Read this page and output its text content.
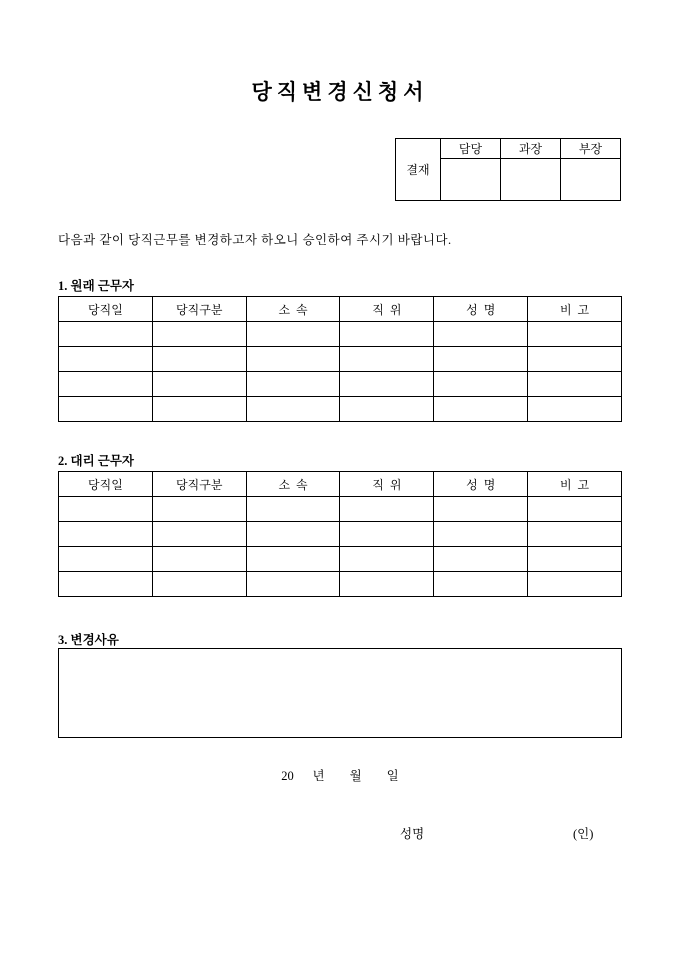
당직변경신청서
결재	담당	과장	부장

다음과 같이 당직근무를 변경하고자 하오니 승인하여 주시기 바랍니다.
1. 원래 근무자
당직일	당직구분	소  속	직  위	성  명	비  고

2. 대리 근무자
당직일	당직구분	소  속	직  위	성  명	비  고

3. 변경사유
20      년        월        일
성명	(인)
